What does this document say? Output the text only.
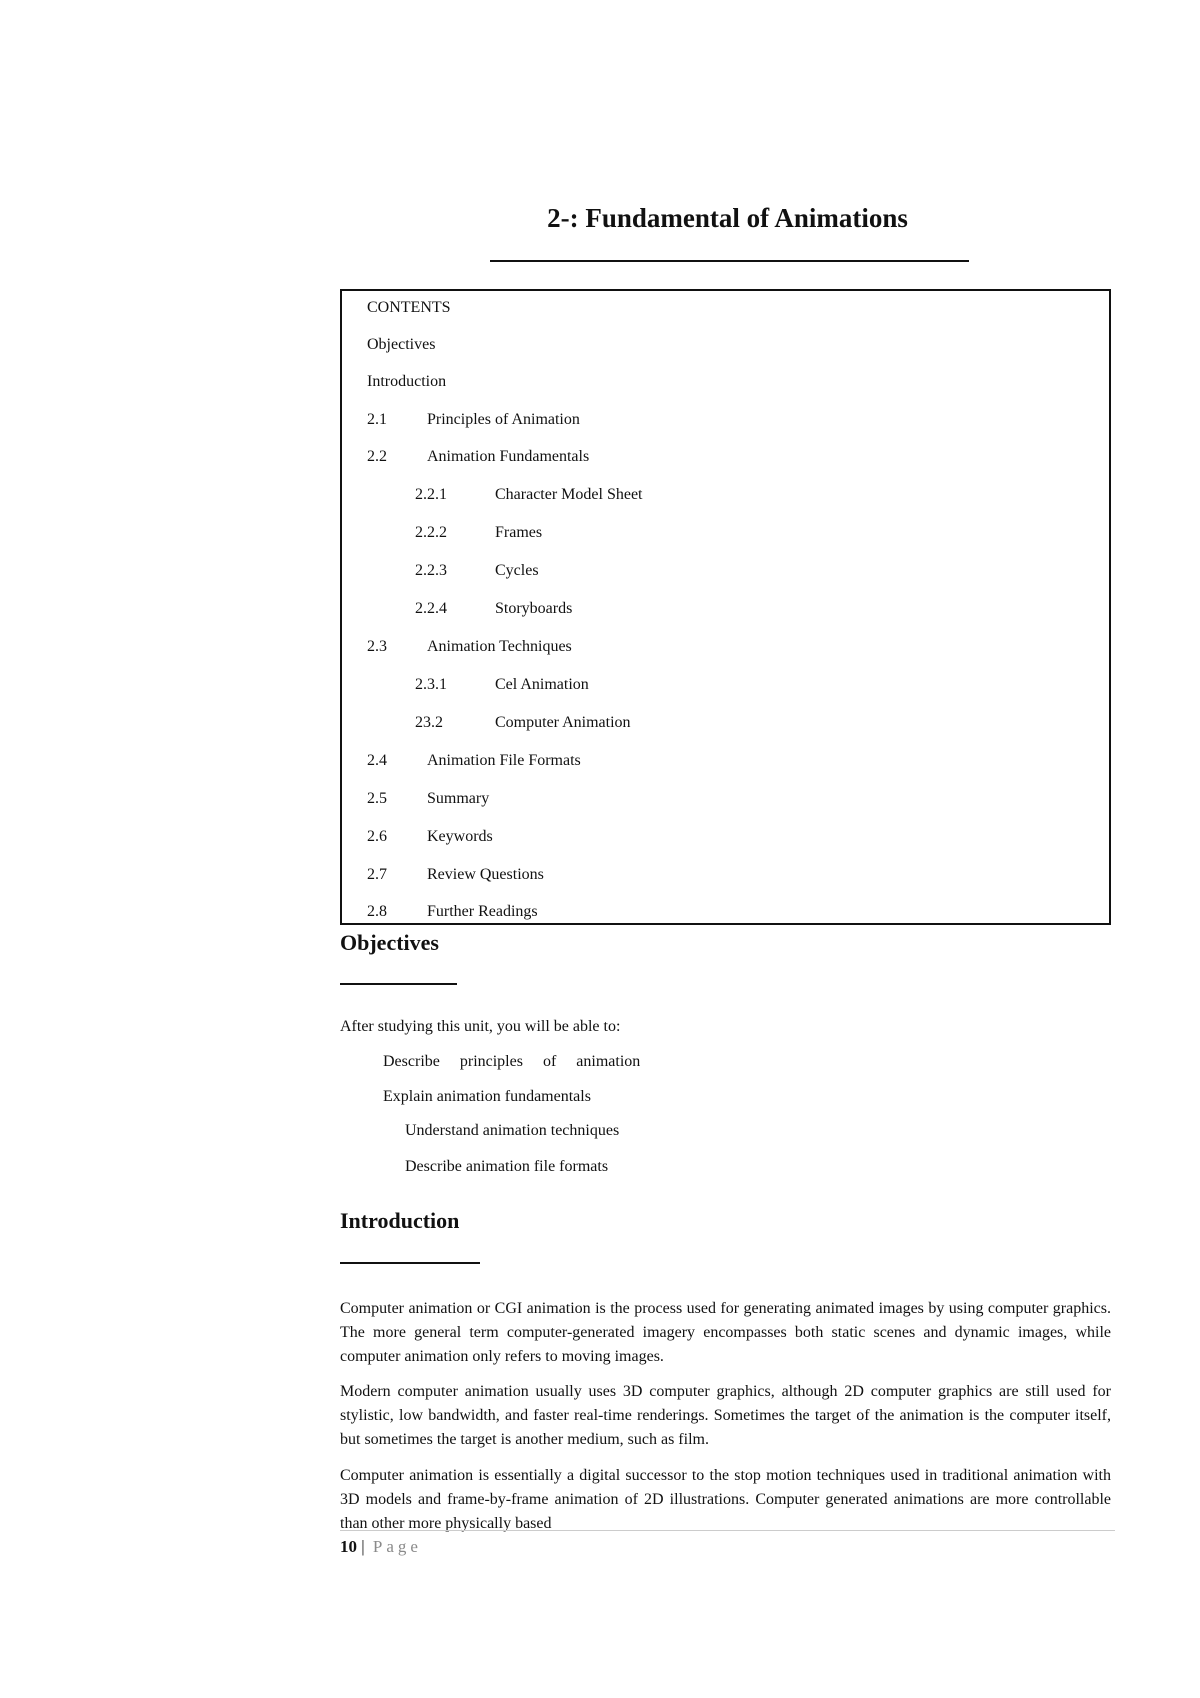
2-: Fundamental of Animations
CONTENTS
Objectives
Introduction
2.1	Principles of Animation
2.2	Animation Fundamentals
2.2.1	Character Model Sheet
2.2.2	Frames
2.2.3	Cycles
2.2.4	Storyboards
2.3	Animation Techniques
2.3.1	Cel Animation
23.2	Computer Animation
2.4	Animation File Formats
2.5	Summary
2.6	Keywords
2.7	Review Questions
2.8	Further Readings
Objectives
After studying this unit, you will be able to:
Describe principles of animation
Explain animation fundamentals
Understand animation techniques
Describe animation file formats
Introduction

Computer animation or CGI animation is the process used for generating animated images by using computer graphics. The more general term computer-generated imagery encompasses both static scenes and dynamic images, while computer animation only refers to moving images.

Modern computer animation usually uses 3D computer graphics, although 2D computer graphics are still used for stylistic, low bandwidth, and faster real-time renderings. Sometimes the target of the animation is the computer itself, but sometimes the target is another medium, such as film.

Computer animation is essentially a digital successor to the stop motion techniques used in traditional animation with 3D models and frame-by-frame animation of 2D illustrations. Computer generated animations are more controllable than other more physically based

10 | Page
